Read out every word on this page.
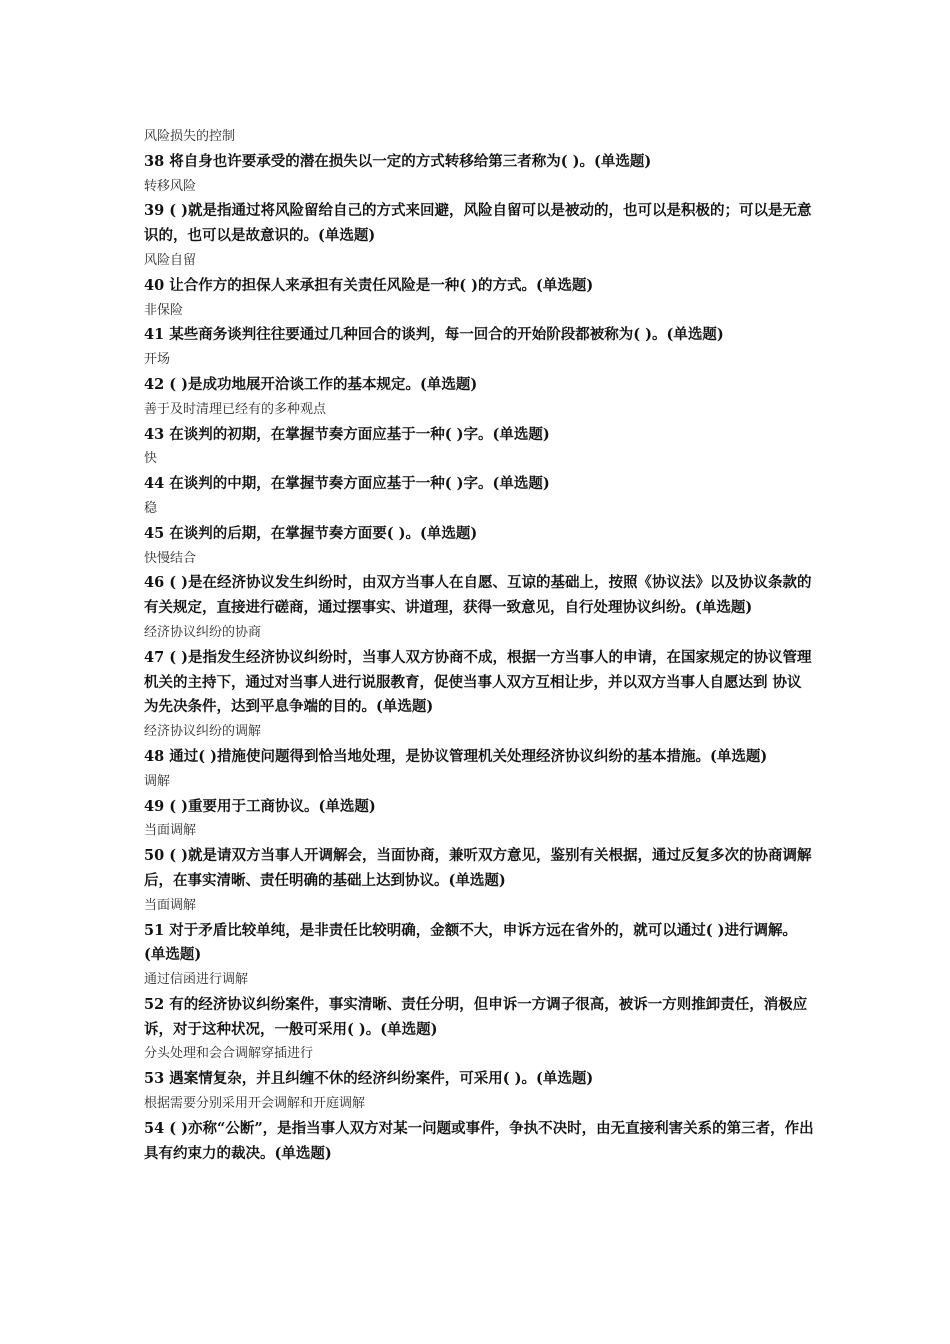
风险损失的控制
38 将自身也许要承受的潜在损失以一定的方式转移给第三者称为( )。(单选题)
转移风险
39 ( )就是指通过将风险留给自己的方式来回避，风险自留可以是被动的，也可以是积极的；可以是无意识的，也可以是故意识的。(单选题)
风险自留
40 让合作方的担保人来承担有关责任风险是一种( )的方式。(单选题)
非保险
41 某些商务谈判往往要通过几种回合的谈判，每一回合的开始阶段都被称为( )。(单选题)
开场
42 ( )是成功地展开洽谈工作的基本规定。(单选题)
善于及时清理已经有的多种观点
43 在谈判的初期，在掌握节奏方面应基于一种( )字。(单选题)
快
44 在谈判的中期，在掌握节奏方面应基于一种( )字。(单选题)
稳
45 在谈判的后期，在掌握节奏方面要( )。(单选题)
快慢结合
46 ( )是在经济协议发生纠纷时，由双方当事人在自愿、互谅的基础上，按照《协议法》以及协议条款的有关规定，直接进行磋商，通过摆事实、讲道理，获得一致意见，自行处理协议纠纷。(单选题)
经济协议纠纷的协商
47 ( )是指发生经济协议纠纷时，当事人双方协商不成，根据一方当事人的申请，在国家规定的协议管理机关的主持下，通过对当事人进行说服教育，促使当事人双方互相让步，并以双方当事人自愿达到 协议为先决条件，达到平息争端的目的。(单选题)
经济协议纠纷的调解
48 通过( )措施使问题得到恰当地处理，是协议管理机关处理经济协议纠纷的基本措施。(单选题)
调解
49 ( )重要用于工商协议。(单选题)
当面调解
50 ( )就是请双方当事人开调解会，当面协商，兼听双方意见，鉴别有关根据，通过反复多次的协商调解后，在事实清晰、责任明确的基础上达到协议。(单选题)
当面调解
51 对于矛盾比较单纯，是非责任比较明确，金额不大，申诉方远在省外的，就可以通过( )进行调解。(单选题)
通过信函进行调解
52 有的经济协议纠纷案件，事实清晰、责任分明，但申诉一方调子很高，被诉一方则推卸责任，消极应诉，对于这种状况，一般可采用( )。(单选题)
分头处理和会合调解穿插进行
53 遇案情复杂，并且纠缠不休的经济纠纷案件，可采用( )。(单选题)
根据需要分别采用开会调解和开庭调解
54 ( )亦称“公断”，是指当事人双方对某一问题或事件，争执不决时，由无直接利害关系的第三者，作出具有约束力的裁决。(单选题)
